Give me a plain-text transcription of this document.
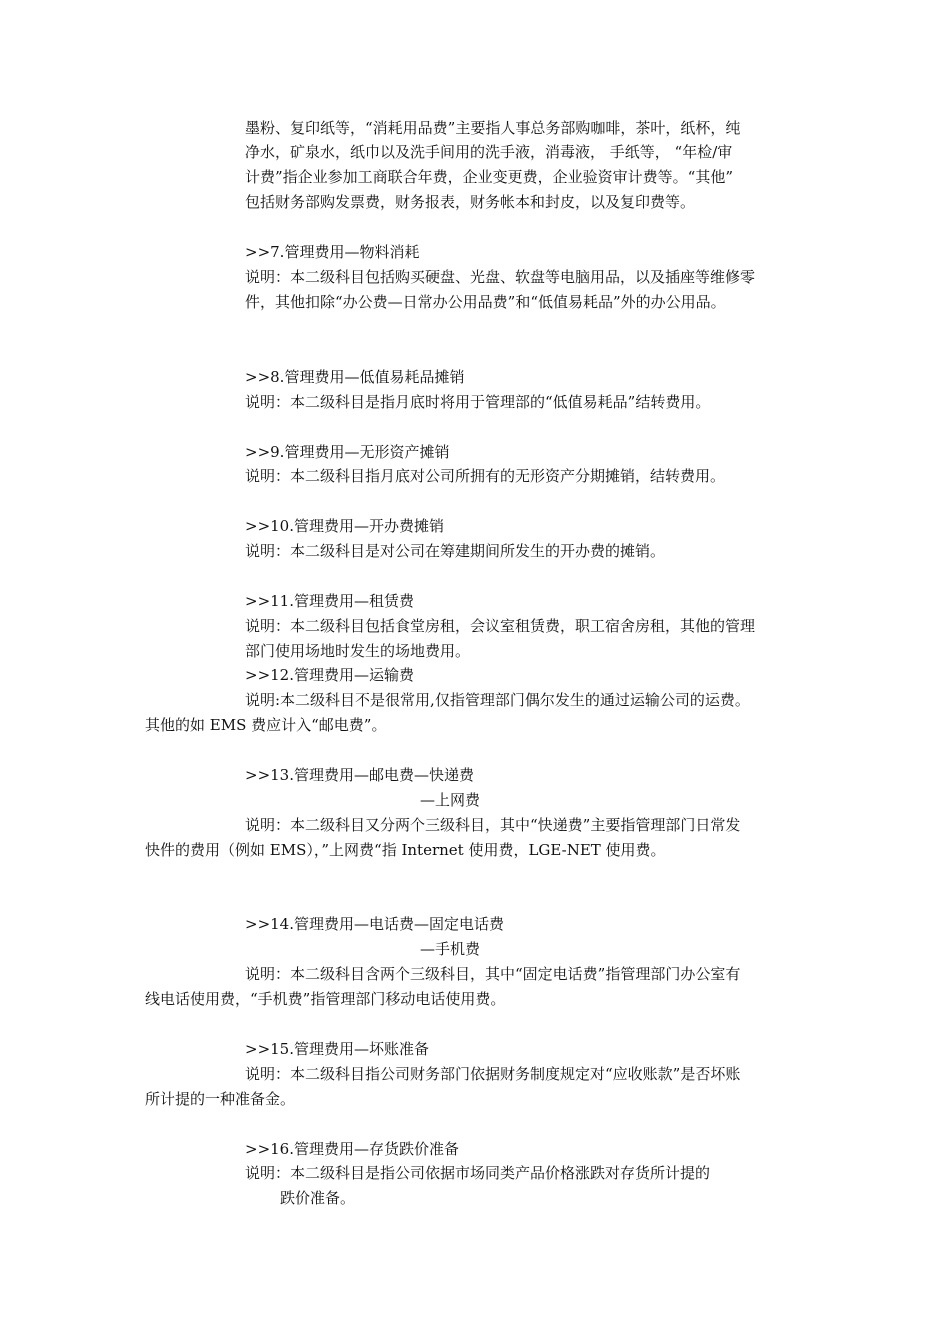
墨粉、复印纸等，“消耗用品费”主要指人事总务部购咖啡，茶叶，纸杯，纯
净水，矿泉水，纸巾以及洗手间用的洗手液，消毒液， 手纸等， “年检/审
计费”指企业参加工商联合年费，企业变更费，企业验资审计费等。“其他”
包括财务部购发票费，财务报表，财务帐本和封皮，以及复印费等。
>>7.管理费用—物料消耗
说明：本二级科目包括购买硬盘、光盘、软盘等电脑用品，以及插座等维修零
件，其他扣除“办公费—日常办公用品费”和“低值易耗品”外的办公用品。
>>8.管理费用—低值易耗品摊销
说明：本二级科目是指月底时将用于管理部的“低值易耗品”结转费用。
>>9.管理费用—无形资产摊销
说明：本二级科目指月底对公司所拥有的无形资产分期摊销，结转费用。
>>10.管理费用—开办费摊销
说明：本二级科目是对公司在筹建期间所发生的开办费的摊销。
>>11.管理费用—租赁费
说明：本二级科目包括食堂房租，会议室租赁费，职工宿舍房租，其他的管理
部门使用场地时发生的场地费用。
>>12.管理费用—运输费
说明:本二级科目不是很常用,仅指管理部门偶尔发生的通过运输公司的运费。
其他的如 EMS 费应计入“邮电费”。
>>13.管理费用—邮电费—快递费
—上网费
说明：本二级科目又分两个三级科目，其中“快递费”主要指管理部门日常发
快件的费用（例如 EMS），”上网费“指 Internet 使用费，LGE-NET 使用费。
>>14.管理费用—电话费—固定电话费
—手机费
说明：本二级科目含两个三级科目，其中“固定电话费”指管理部门办公室有
线电话使用费，“手机费”指管理部门移动电话使用费。
>>15.管理费用—坏账准备
说明：本二级科目指公司财务部门依据财务制度规定对“应收账款”是否坏账
所计提的一种准备金。
>>16.管理费用—存货跌价准备
说明：本二级科目是指公司依据市场同类产品价格涨跌对存货所计提的
跌价准备。
